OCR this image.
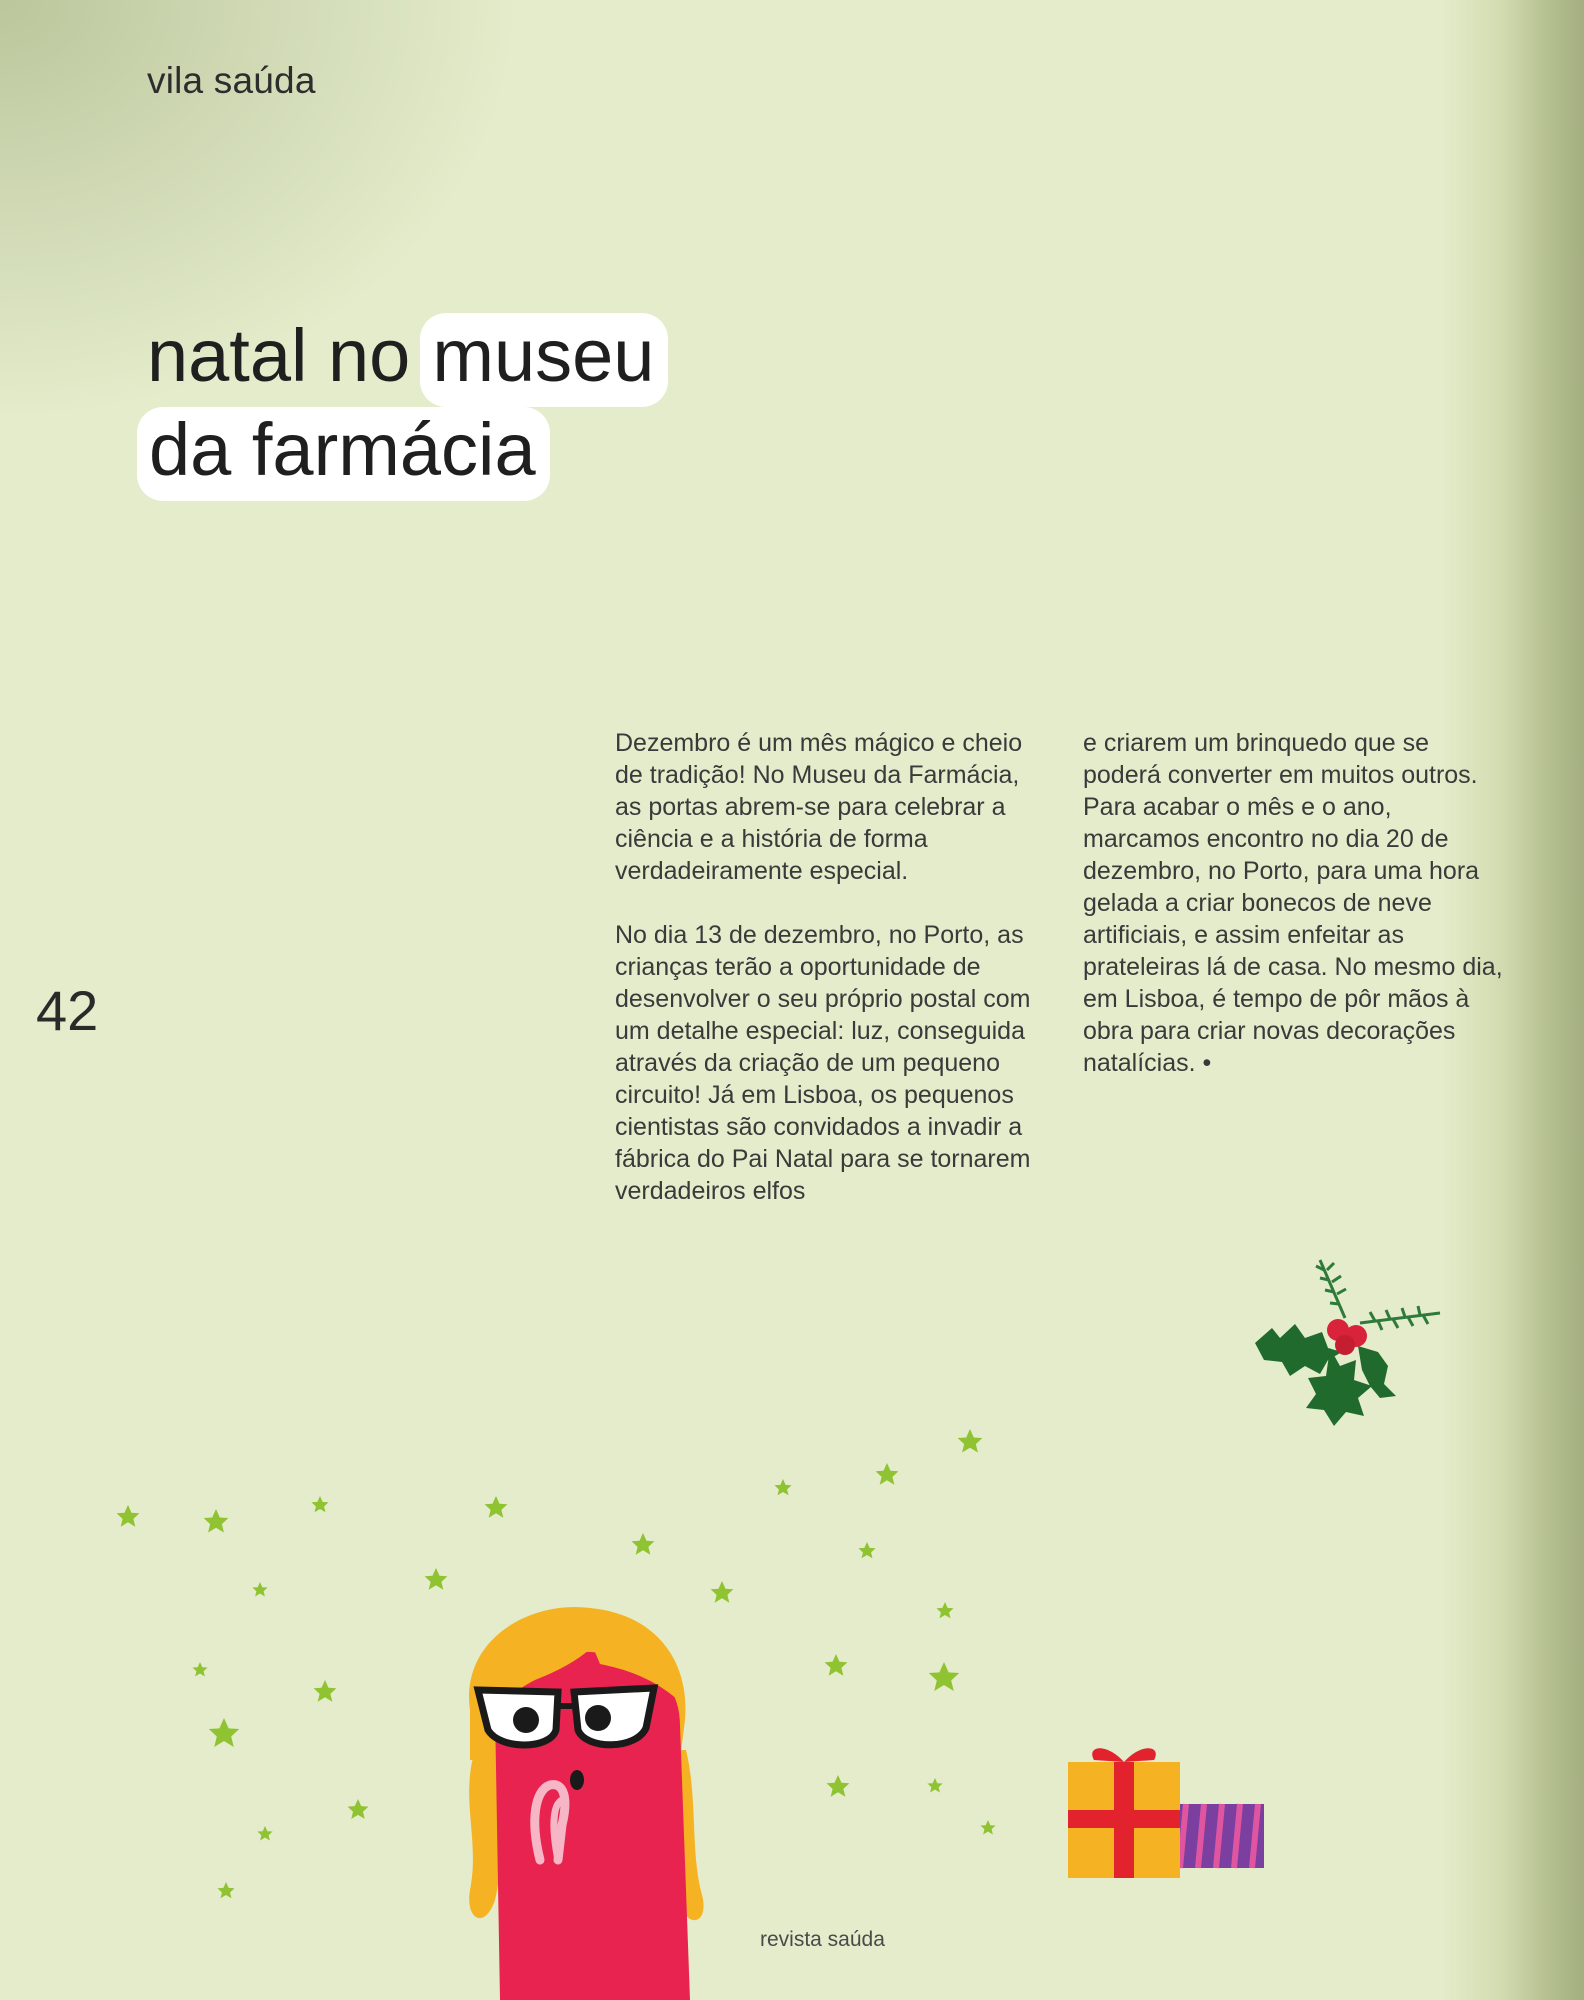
vila saúda
natal no museu
da farmácia
42

Dezembro é um mês mágico e cheio de tradição! No Museu da Farmácia, as portas abrem-se para celebrar a ciência e a história de forma verdadeiramente especial.

No dia 13 de dezembro, no Porto, as crianças terão a oportunidade de desenvolver o seu próprio postal com um detalhe especial: luz, conseguida através da criação de um pequeno circuito! Já em Lisboa, os pequenos cientistas são convidados a invadir a fábrica do Pai Natal para se tornarem verdadeiros elfos

e criarem um brinquedo que se poderá converter em muitos outros. Para acabar o mês e o ano, marcamos encontro no dia 20 de dezembro, no Porto, para uma hora gelada a criar bonecos de neve artificiais, e assim enfeitar as prateleiras lá de casa. No mesmo dia, em Lisboa, é tempo de pôr mãos à obra para criar novas decorações natalícias. •

revista saúda
